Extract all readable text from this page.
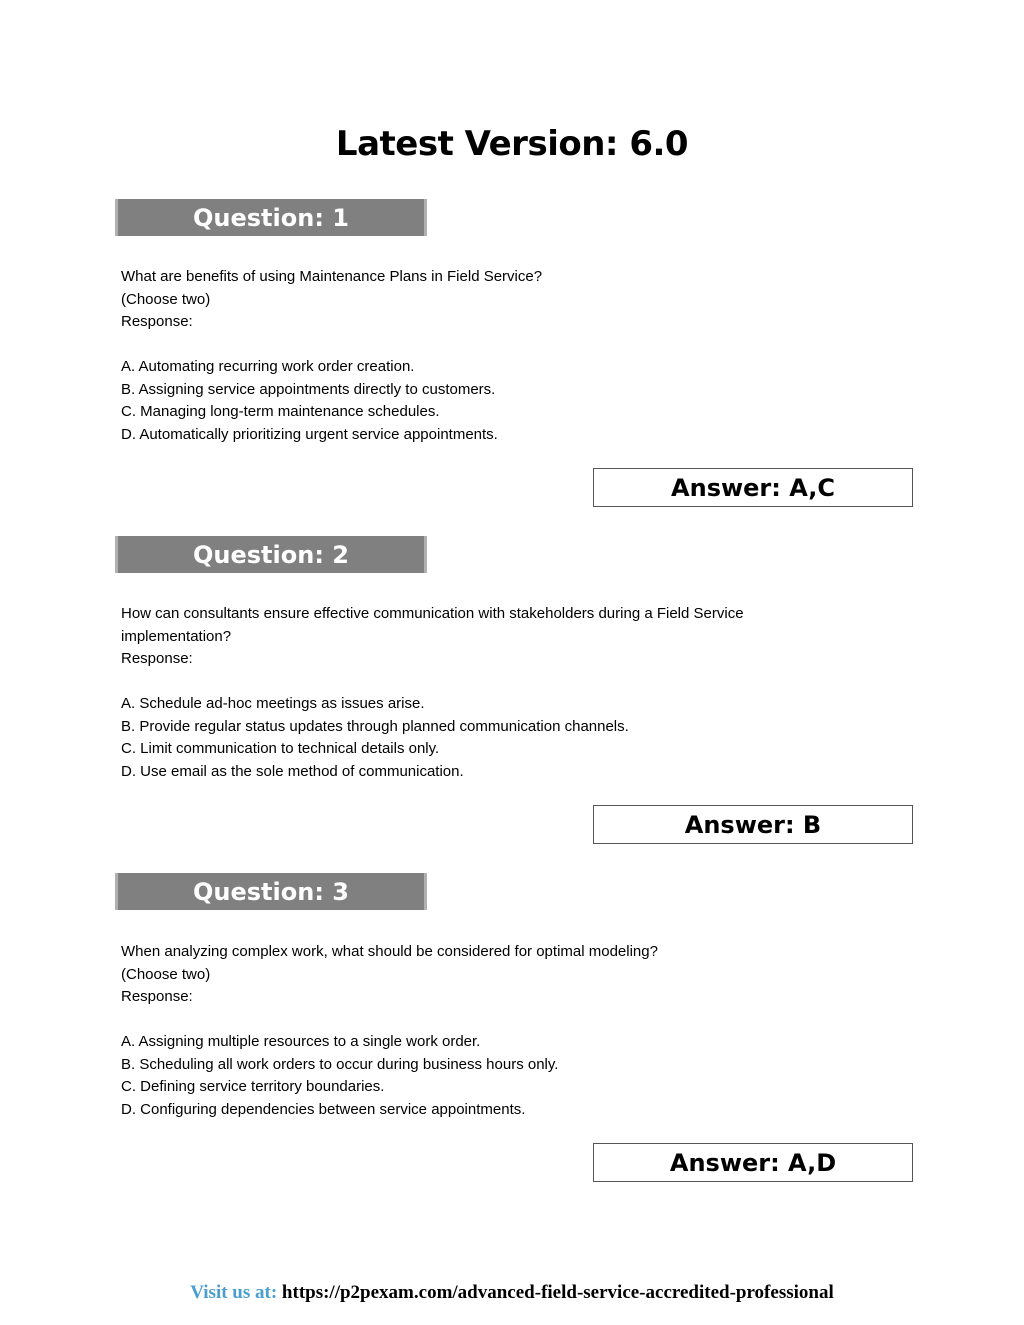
Latest Version: 6.0
Question: 1

What are benefits of using Maintenance Plans in Field Service?

(Choose two)

Response:

A. Automating recurring work order creation.

B. Assigning service appointments directly to customers.

C. Managing long-term maintenance schedules.

D. Automatically prioritizing urgent service appointments.

Answer: A,C
Question: 2

How can consultants ensure effective communication with stakeholders during a Field Service

implementation?

Response:

A. Schedule ad-hoc meetings as issues arise.

B. Provide regular status updates through planned communication channels.

C. Limit communication to technical details only.

D. Use email as the sole method of communication.

Answer: B
Question: 3

When analyzing complex work, what should be considered for optimal modeling?

(Choose two)

Response:

A. Assigning multiple resources to a single work order.

B. Scheduling all work orders to occur during business hours only.

C. Defining service territory boundaries.

D. Configuring dependencies between service appointments.

Answer: A,D
Visit us at: https://p2pexam.com/advanced-field-service-accredited-professional
